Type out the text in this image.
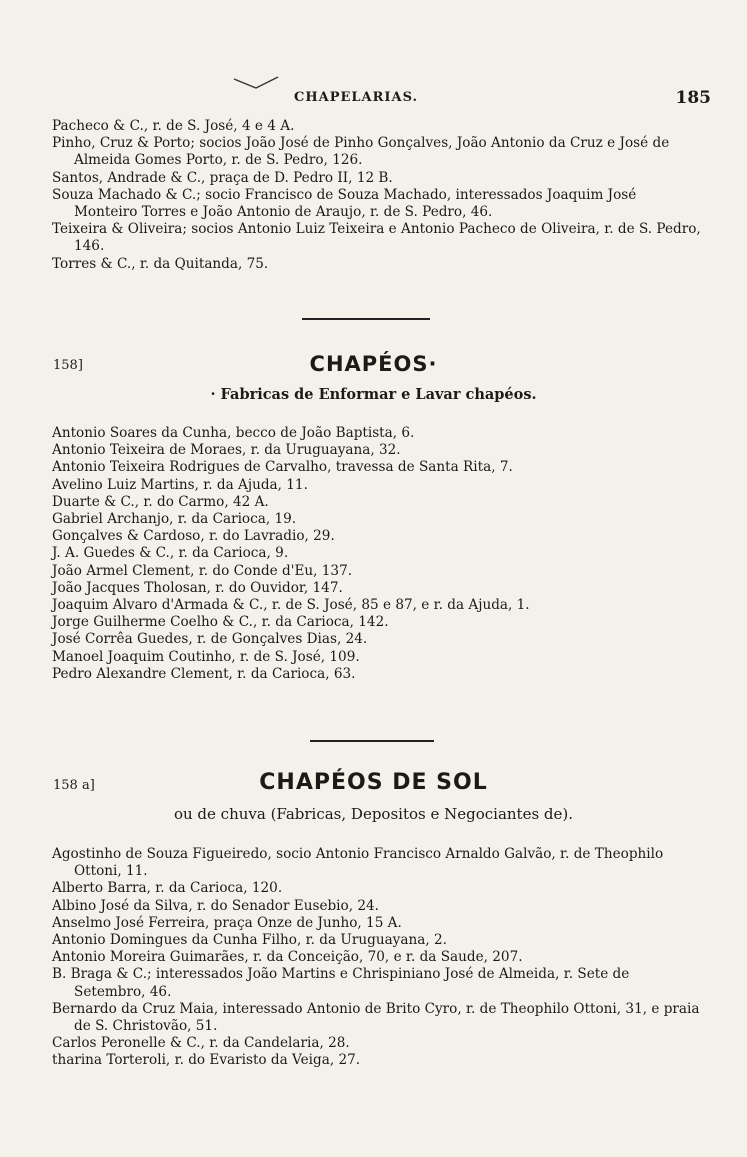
CHAPELARIAS.	185
Pacheco & C., r. de S. José, 4 e 4 A.
Pinho, Cruz & Porto; socios João José de Pinho Gonçalves, João Antonio da Cruz e José de Almeida Gomes Porto, r. de S. Pedro, 126.
Santos, Andrade & C., praça de D. Pedro II, 12 B.
Souza Machado & C.; socio Francisco de Souza Machado, interessados Joaquim José Monteiro Torres e João Antonio de Araujo, r. de S. Pedro, 46.
Teixeira & Oliveira; socios Antonio Luiz Teixeira e Antonio Pacheco de Oliveira, r. de S. Pedro, 146.
Torres & C., r. da Quitanda, 75.
158]	CHAPÉOS·
· Fabricas de Enformar e Lavar chapéos.
Antonio Soares da Cunha, becco de João Baptista, 6.
Antonio Teixeira de Moraes, r. da Uruguayana, 32.
Antonio Teixeira Rodrigues de Carvalho, travessa de Santa Rita, 7.
Avelino Luiz Martins, r. da Ajuda, 11.
Duarte & C., r. do Carmo, 42 A.
Gabriel Archanjo, r. da Carioca, 19.
Gonçalves & Cardoso, r. do Lavradio, 29.
J. A. Guedes & C., r. da Carioca, 9.
João Armel Clement, r. do Conde d'Eu, 137.
João Jacques Tholosan, r. do Ouvidor, 147.
Joaquim Alvaro d'Armada & C., r. de S. José, 85 e 87, e r. da Ajuda, 1.
Jorge Guilherme Coelho & C., r. da Carioca, 142.
José Corrêa Guedes, r. de Gonçalves Dias, 24.
Manoel Joaquim Coutinho, r. de S. José, 109.
Pedro Alexandre Clement, r. da Carioca, 63.
158 a]	CHAPÉOS DE SOL
ou de chuva (Fabricas, Depositos e Negociantes de).
Agostinho de Souza Figueiredo, socio Antonio Francisco Arnaldo Galvão, r. de Theophilo Ottoni, 11.
Alberto Barra, r. da Carioca, 120.
Albino José da Silva, r. do Senador Eusebio, 24.
Anselmo José Ferreira, praça Onze de Junho, 15 A.
Antonio Domingues da Cunha Filho, r. da Uruguayana, 2.
Antonio Moreira Guimarães, r. da Conceição, 70, e r. da Saude, 207.
B. Braga & C.; interessados João Martins e Chrispiniano José de Almeida, r. Sete de Setembro, 46.
Bernardo da Cruz Maia, interessado Antonio de Brito Cyro, r. de Theophilo Ottoni, 31, e praia de S. Christovão, 51.
Carlos Peronelle & C., r. da Candelaria, 28.
tharina Torteroli, r. do Evaristo da Veiga, 27.
